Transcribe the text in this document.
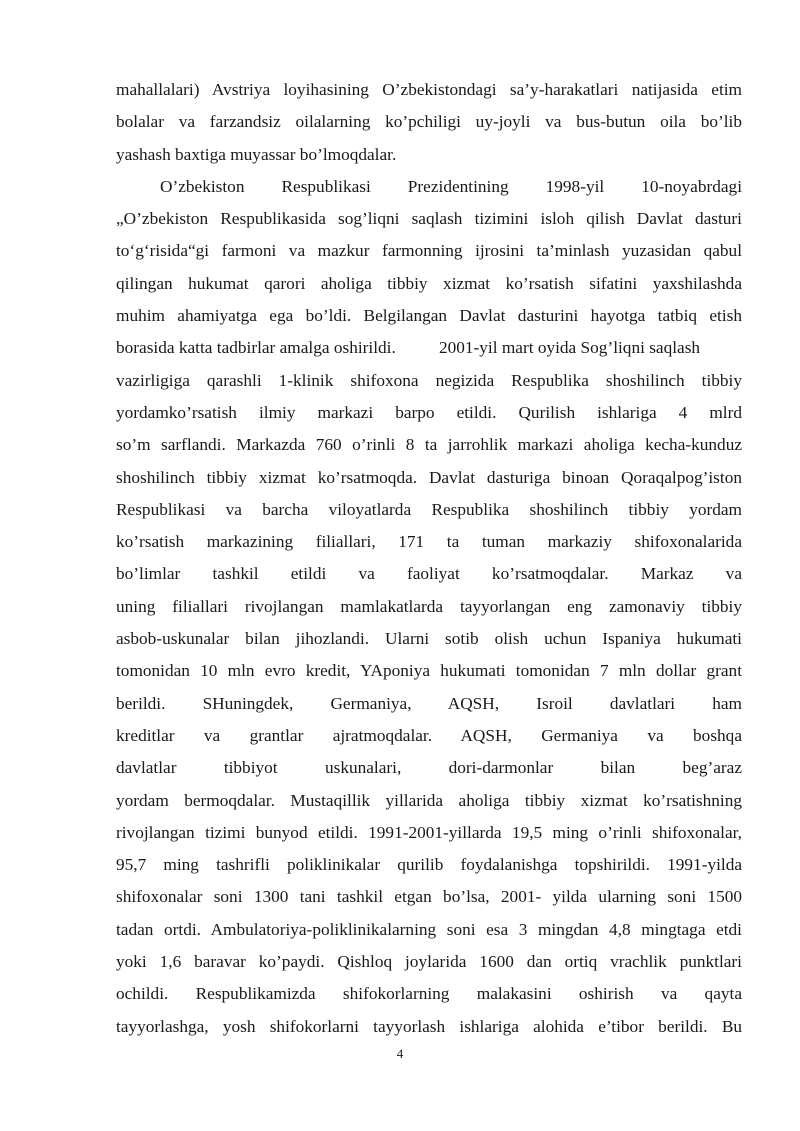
mahallalari) Avstriya loyihasining O’zbekistondagi sa’y-harakatlari natijasida etim
bolalar va farzandsiz oilalarning ko’pchiligi uy-joyli va bus-butun oila bo’lib
yashash baxtiga muyassar bo’lmoqdalar.
O’zbekiston Respublikasi Prezidentining 1998-yil 10-noyabrdagi
„O’zbekiston Respublikasida sog’liqni saqlash tizimini isloh qilish Davlat dasturi
to‘g‘risida“gi farmoni va mazkur farmonning ijrosini ta’minlash yuzasidan qabul
qilingan hukumat qarori aholiga tibbiy xizmat ko’rsatish sifatini yaxshilashda
muhim ahamiyatga ega bo’ldi. Belgilangan Davlat dasturini hayotga tatbiq etish
borasida katta tadbirlar amalga oshirildi.          2001-yil mart oyida Sog’liqni saqlash
vazirligiga qarashli 1-klinik shifoxona negizida Respublika shoshilinch tibbiy
yordamko’rsatish ilmiy markazi barpo etildi. Qurilish ishlariga 4 mlrd
so’m sarflandi. Markazda 760 o’rinli 8 ta jarrohlik markazi aholiga kecha-kunduz
shoshilinch tibbiy xizmat ko’rsatmoqda. Davlat dasturiga binoan Qoraqalpog’iston
Respublikasi va barcha viloyatlarda Respublika shoshilinch tibbiy yordam
ko’rsatish markazining filiallari, 171 ta tuman markaziy shifoxonalarida
bo’limlar tashkil etildi va faoliyat ko’rsatmoqdalar. Markaz va
uning filiallari rivojlangan mamlakatlarda tayyorlangan eng zamonaviy tibbiy
asbob-uskunalar bilan jihozlandi. Ularni sotib olish uchun Ispaniya hukumati
tomonidan 10 mln evro kredit, YAponiya hukumati tomonidan 7 mln dollar grant
berildi. SHuningdek, Germaniya, AQSH, Isroil davlatlari ham
kreditlar va grantlar ajratmoqdalar. AQSH, Germaniya va boshqa
davlatlar tibbiyot uskunalari, dori-darmonlar bilan beg’araz
yordam bermoqdalar. Mustaqillik yillarida aholiga tibbiy xizmat ko’rsatishning
rivojlangan tizimi bunyod etildi. 1991-2001-yillarda 19,5 ming o’rinli shifoxonalar,
95,7 ming tashrifli poliklinikalar qurilib foydalanishga topshirildi. 1991-yilda
shifoxonalar soni 1300 tani tashkil etgan bo’lsa, 2001- yilda ularning soni 1500
tadan ortdi. Ambulatoriya-poliklinikalarning soni esa 3 mingdan 4,8 mingtaga etdi
yoki 1,6 baravar ko’paydi. Qishloq joylarida 1600 dan ortiq vrachlik punktlari
ochildi. Respublikamizda shifokorlarning malakasini oshirish va qayta
tayyorlashga, yosh shifokorlarni tayyorlash ishlariga alohida e’tibor berildi. Bu
4
